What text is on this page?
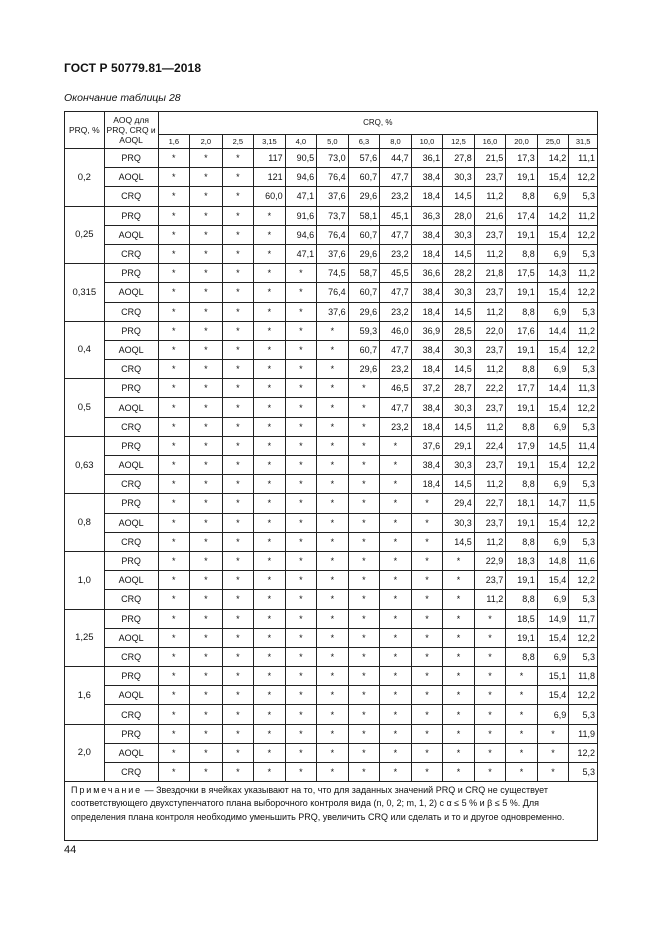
ГОСТ Р 50779.81—2018
Окончание таблицы 28
PRQ, %	AOQ для PRQ, CRQ и AOQL	CRQ, %													
		1,6	2,0	2,5	3,15	4,0	5,0	6,3	8,0	10,0	12,5	16,0	20,0	25,0	31,5
0,2	PRQ	*	*	*	117	90,5	73,0	57,6	44,7	36,1	27,8	21,5	17,3	14,2	11,1
	AOQL	*	*	*	121	94,6	76,4	60,7	47,7	38,4	30,3	23,7	19,1	15,4	12,2
	CRQ	*	*	*	60,0	47,1	37,6	29,6	23,2	18,4	14,5	11,2	8,8	6,9	5,3
0,25	PRQ	*	*	*	*	91,6	73,7	58,1	45,1	36,3	28,0	21,6	17,4	14,2	11,2
	AOQL	*	*	*	*	94,6	76,4	60,7	47,7	38,4	30,3	23,7	19,1	15,4	12,2
	CRQ	*	*	*	*	47,1	37,6	29,6	23,2	18,4	14,5	11,2	8,8	6,9	5,3
0,315	PRQ	*	*	*	*	*	74,5	58,7	45,5	36,6	28,2	21,8	17,5	14,3	11,2
	AOQL	*	*	*	*	*	76,4	60,7	47,7	38,4	30,3	23,7	19,1	15,4	12,2
	CRQ	*	*	*	*	*	37,6	29,6	23,2	18,4	14,5	11,2	8,8	6,9	5,3
0,4	PRQ	*	*	*	*	*	*	59,3	46,0	36,9	28,5	22,0	17,6	14,4	11,2
	AOQL	*	*	*	*	*	*	60,7	47,7	38,4	30,3	23,7	19,1	15,4	12,2
	CRQ	*	*	*	*	*	*	29,6	23,2	18,4	14,5	11,2	8,8	6,9	5,3
0,5	PRQ	*	*	*	*	*	*	*	46,5	37,2	28,7	22,2	17,7	14,4	11,3
	AOQL	*	*	*	*	*	*	*	47,7	38,4	30,3	23,7	19,1	15,4	12,2
	CRQ	*	*	*	*	*	*	*	23,2	18,4	14,5	11,2	8,8	6,9	5,3
0,63	PRQ	*	*	*	*	*	*	*	*	37,6	29,1	22,4	17,9	14,5	11,4
	AOQL	*	*	*	*	*	*	*	*	38,4	30,3	23,7	19,1	15,4	12,2
	CRQ	*	*	*	*	*	*	*	*	18,4	14,5	11,2	8,8	6,9	5,3
0,8	PRQ	*	*	*	*	*	*	*	*	*	29,4	22,7	18,1	14,7	11,5
	AOQL	*	*	*	*	*	*	*	*	*	30,3	23,7	19,1	15,4	12,2
	CRQ	*	*	*	*	*	*	*	*	*	14,5	11,2	8,8	6,9	5,3
1,0	PRQ	*	*	*	*	*	*	*	*	*	*	22,9	18,3	14,8	11,6
	AOQL	*	*	*	*	*	*	*	*	*	*	23,7	19,1	15,4	12,2
	CRQ	*	*	*	*	*	*	*	*	*	*	11,2	8,8	6,9	5,3
1,25	PRQ	*	*	*	*	*	*	*	*	*	*	*	18,5	14,9	11,7
	AOQL	*	*	*	*	*	*	*	*	*	*	*	19,1	15,4	12,2
	CRQ	*	*	*	*	*	*	*	*	*	*	*	8,8	6,9	5,3
1,6	PRQ	*	*	*	*	*	*	*	*	*	*	*	*	15,1	11,8
	AOQL	*	*	*	*	*	*	*	*	*	*	*	*	15,4	12,2
	CRQ	*	*	*	*	*	*	*	*	*	*	*	*	6,9	5,3
2,0	PRQ	*	*	*	*	*	*	*	*	*	*	*	*	*	11,9
	AOQL	*	*	*	*	*	*	*	*	*	*	*	*	*	12,2
	CRQ	*	*	*	*	*	*	*	*	*	*	*	*	*	5,3
Примечание — Звездочки в ячейках указывают на то, что для заданных значений PRQ и CRQ не существует соответствующего двухступенчатого плана выборочного контроля вида (n, 0, 2; m, 1, 2) с α ≤ 5 % и β ≤ 5 %. Для определения плана контроля необходимо уменьшить PRQ, увеличить CRQ или сделать и то и другое одновременно.															
44
